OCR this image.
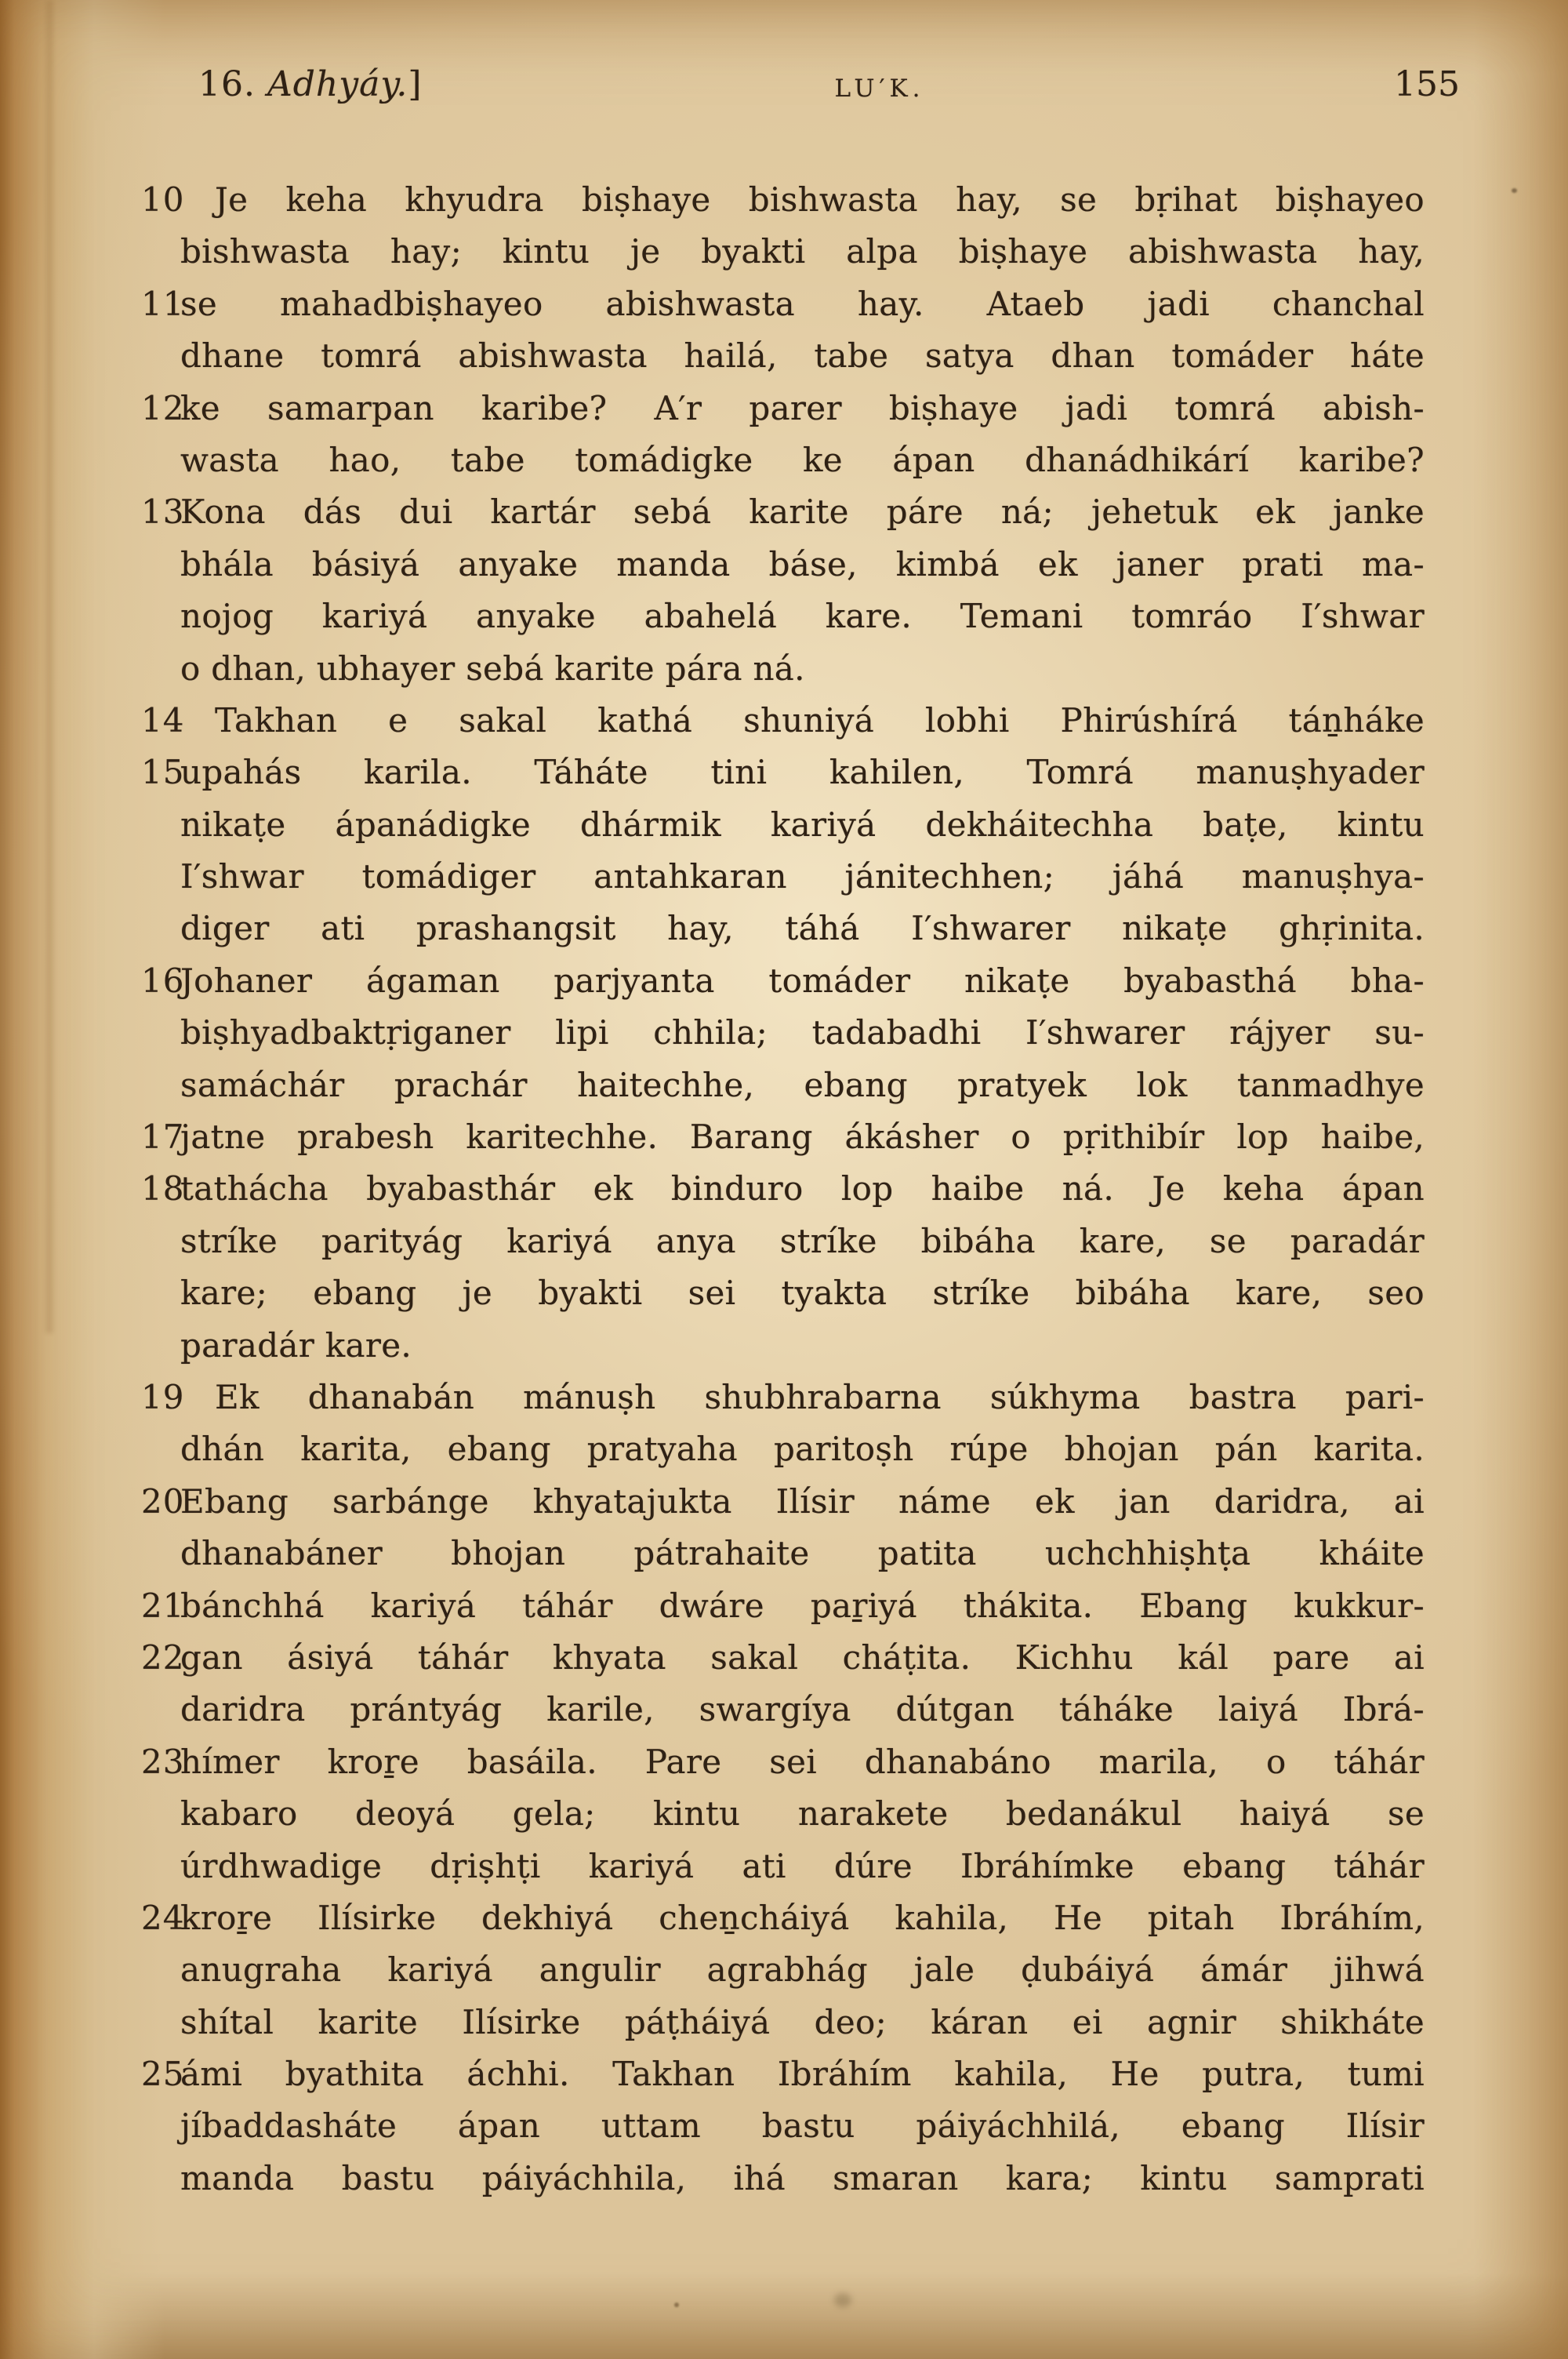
16. Adhyáy.]	LU′K.	155
10 Je keha khyudra biṣhaye bishwasta hay, se bṛihat biṣhayeo
bishwasta hay; kintu je byakti alpa biṣhaye abishwasta hay,
11
se mahadbiṣhayeo abishwasta hay. Ataeb jadi chanchal
dhane tomrá abishwasta hailá, tabe satya dhan tomáder háte
12
ke samarpan karibe? A′r parer biṣhaye jadi tomrá abish-
wasta hao, tabe tomádigke ke ápan dhanádhikárí karibe?
13
Kona dás dui kartár sebá karite páre ná; jehetuk ek janke
bhála básiyá anyake manda báse, kimbá ek janer prati ma-
nojog kariyá anyake abahelá kare. Temani tomráo I′shwar
o dhan, ubhayer sebá karite pára ná.
14 Takhan e sakal kathá shuniyá lobhi Phirúshírá táṉháke
15
upahás karila. Táháte tini kahilen, Tomrá manuṣhyader
nikaṭe ápanádigke dhármik kariyá dekháitechha baṭe, kintu
I′shwar tomádiger antahkaran jánitechhen; jáhá manuṣhya-
diger ati prashangsit hay, táhá I′shwarer nikaṭe ghṛinita.
16
Johaner ágaman parjyanta tomáder nikaṭe byabasthá bha-
biṣhyadbaktṛiganer lipi chhila; tadabadhi I′shwarer rájyer su-
samáchár prachár haitechhe, ebang pratyek lok tanmadhye
17
jatne prabesh karitechhe. Barang ákásher o pṛithibír lop haibe,
18
tathácha byabasthár ek binduro lop haibe ná. Je keha ápan
stríke parityág kariyá anya stríke bibáha kare, se paradár
kare; ebang je byakti sei tyakta stríke bibáha kare, seo
paradár kare.
19 Ek dhanabán mánuṣh shubhrabarna súkhyma bastra pari-
dhán karita, ebang pratyaha paritoṣh rúpe bhojan pán karita.
20
Ebang sarbánge khyatajukta Ilísir náme ek jan daridra, ai
dhanabáner bhojan pátrahaite patita uchchhiṣhṭa kháite
21
bánchhá kariyá táhár dwáre paṟiyá thákita. Ebang kukkur-
22
gan ásiyá táhár khyata sakal cháṭita. Kichhu kál pare ai
daridra prántyág karile, swargíya dútgan táháke laiyá Ibrá-
23
hímer kroṟe basáila. Pare sei dhanabáno marila, o táhár
kabaro deoyá gela; kintu narakete bedanákul haiyá se
úrdhwadige dṛiṣhṭi kariyá ati dúre Ibráhímke ebang táhár
24
kroṟe Ilísirke dekhiyá cheṉcháiyá kahila, He pitah Ibráhím,
anugraha kariyá angulir agrabhág jale ḍubáiyá ámár jihwá
shítal karite Ilísirke páṭháiyá deo; káran ei agnir shikháte
25
ámi byathita áchhi. Takhan Ibráhím kahila, He putra, tumi
jíbaddasháte ápan uttam bastu páiyáchhilá, ebang Ilísir
manda bastu páiyáchhila, ihá smaran kara; kintu samprati
